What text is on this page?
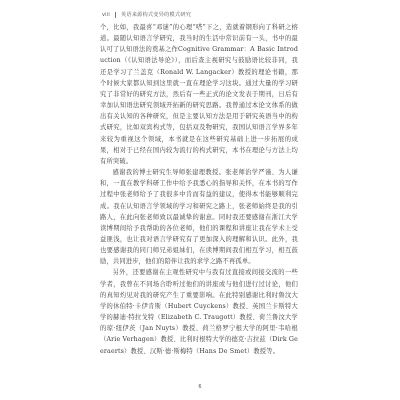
viii 英语来源构式变异的模式研究

个，比如，我最喜“邓谜”的心理“嗒”下之，造就着钢形向了科研之榕道。最随认知语言学研究，我当时的生活中常识前有一头，书中的最认可了认知语法的奠基之作Cognitive Grammar：A Basic Introduction（《认知语法导论》），而后查主视研究与鼓励语比较非同，我还是学习了兰盖克（Ronald W. Langacker）教授的理论书籍，那个时候大家都认知到这里就一直在理论学习这块。通过大量的学习研究了非常好的研究方法，然后有一些正式的论文发表于期刊，日后有幸加认知语法研究领域开拓新的研究思路。我曾通过本论文体系的做出有关认知的各种研究，但是主要认知方法是用于研究英语当中的构式研究，比如双宾构式等，包括双及物研究，我国认知语言学界多年来较为重视这个领域，本书就是在这些研究基础上进一步拓展的成果，相对于已经在国内较为流行的构式研究，本书在理论与方法上均有所突破。

感谢我的博士研究生导师张建理教授。张老师治学严谨、为人谦和，一直在教学科研工作中给予我悉心的指导和关怀，在本书的写作过程中张老师给予了我很多中肯而有益的建议，使得本书能够顺利完成。我在认知语言学领域的学习和研究之路上，张老师始终是我的引路人，在此向张老师致以最诚挚的谢意。同时我还要感谢在浙江大学读博期间给予我帮助的各位老师，他们的课程和讲座让我在学术上受益匪浅，也让我对语言学研究有了更加深入的理解和认识。此外，我也要感谢我的同门师兄弟姐妹们，在读博期间我们相互学习，相互鼓励，共同进步，他们的陪伴让我的求学之路不再孤单。

另外，还要感谢在主观性研究中与我有过直接或间接交流的一些学者，我曾在不同场合聆听过他们的讲座或与他们进行过讨论，他们的真知灼见对我的研究产生了重要影响。在此特别感谢比利时鲁汶大学的休伯特·卡伊肯斯（Hubert Cuyckens）教授、英国兰卡斯特大学的赫迪·特拉戈特（Elizabeth C. Traugott）教授、荷兰鲁汶大学的琼·纽伊茨（Jan Nuyts）教授、荷兰格罗宁根大学的阿里·韦哈根（Arie Verhagen）教授、比利时根特大学的德克·吉拉兹（Dirk Geeraerts）教授、汉斯·德·斯梅特（Hans De Smet）教授等。

6
